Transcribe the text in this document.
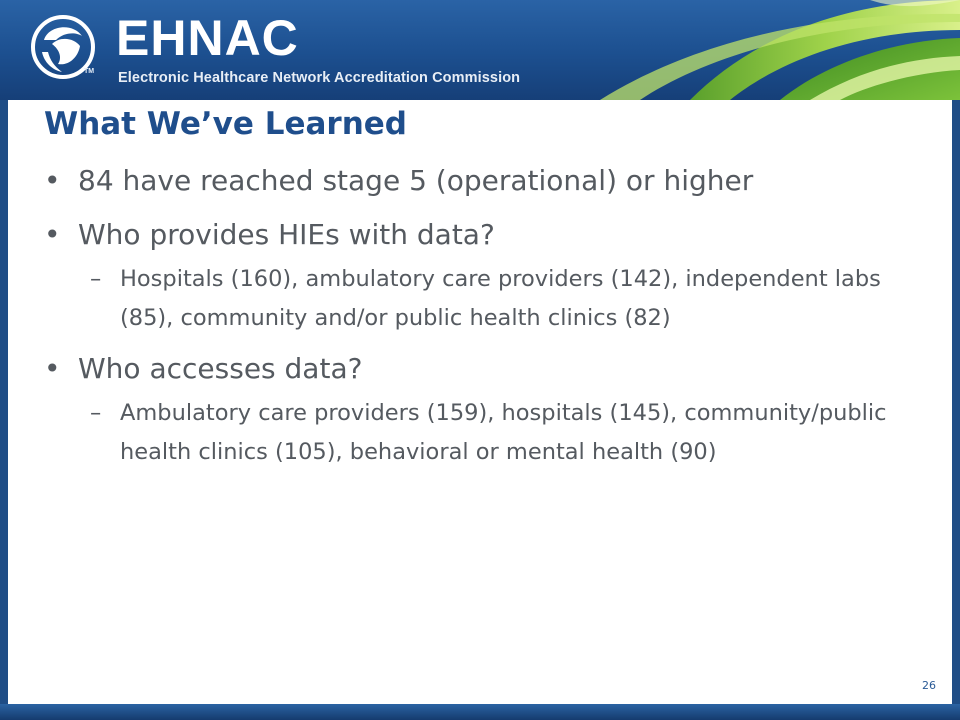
TM
EHNAC
Electronic Healthcare Network Accreditation Commission
What We’ve Learned
• 84 have reached stage 5 (operational) or higher
• Who provides HIEs with data?
– Hospitals (160), ambulatory care providers (142), independent labs (85), community and/or public health clinics (82)
• Who accesses data?
– Ambulatory care providers (159), hospitals (145), community/public health clinics (105), behavioral or mental health (90)
26
